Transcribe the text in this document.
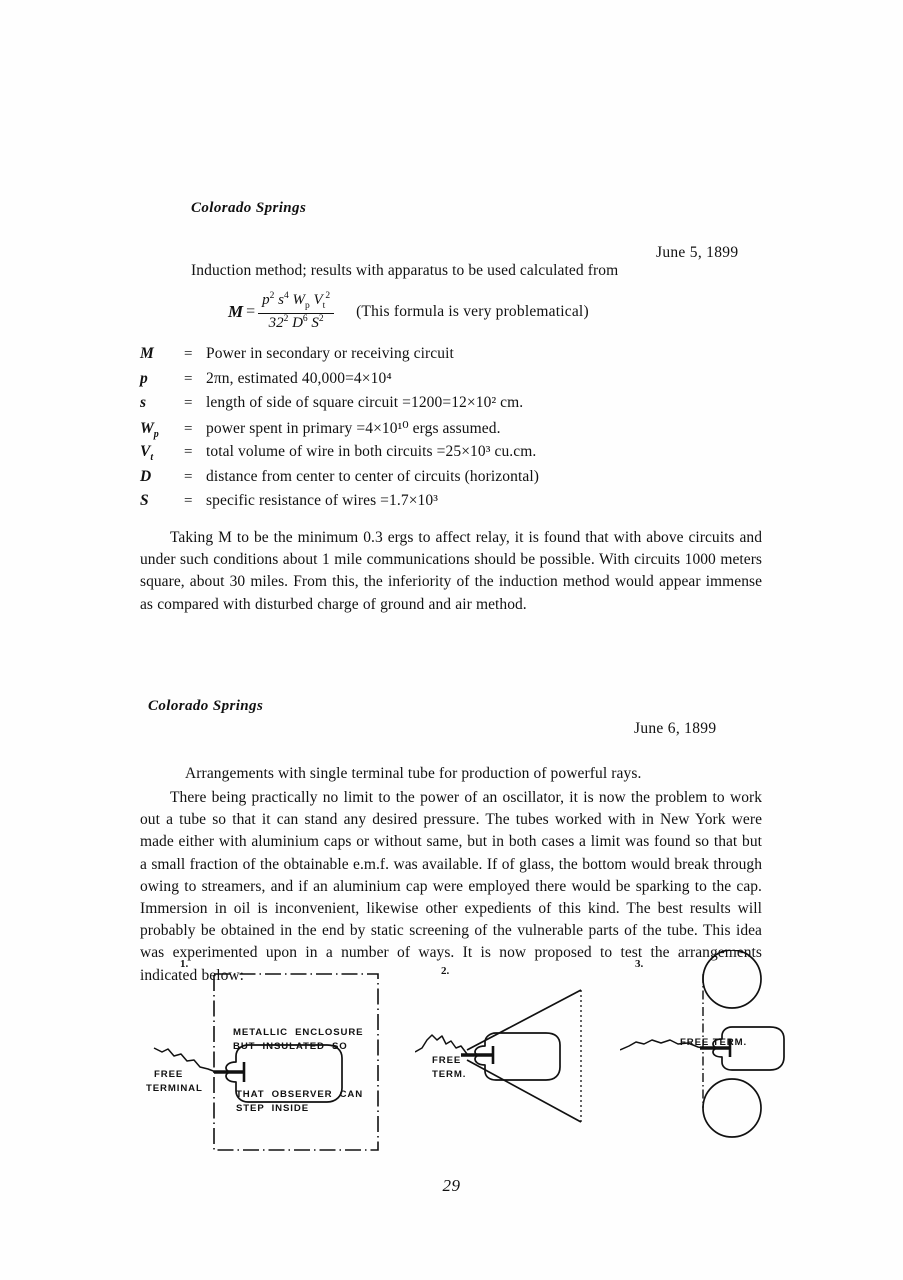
Colorado Springs
June 5, 1899
Induction method; results with apparatus to be used calculated from
$M = \frac{p^2 s^4 W_p V_t^2}{32^2 D^6 S^2}$ (This formula is very problematical)
M	= Power in secondary or receiving circuit
p	= 2πn, estimated 40,000=4×10⁴
s	= length of side of square circuit =1200=12×10² cm.
$W_p$	= power spent in primary =4×10¹⁰ ergs assumed.
$V_t$	= total volume of wire in both circuits =25×10³ cu.cm.
D	= distance from center to center of circuits (horizontal)
S	= specific resistance of wires =1.7×10³
Taking M to be the minimum 0.3 ergs to affect relay, it is found that with above circuits and under such conditions about 1 mile communications should be possible. With circuits 1000 meters square, about 30 miles. From this, the inferiority of the induction method would appear immense as compared with disturbed charge of ground and air method.
Colorado Springs
June 6, 1899
Arrangements with single terminal tube for production of powerful rays.
There being practically no limit to the power of an oscillator, it is now the problem to work out a tube so that it can stand any desired pressure. The tubes worked with in New York were made either with aluminium caps or without same, but in both cases a limit was found so that but a small fraction of the obtainable e.m.f. was available. If of glass, the bottom would break through owing to streamers, and if an aluminium cap were employed there would be sparking to the cap. Immersion in oil is inconvenient, likewise other expedients of this kind. The best results will probably be obtained in the end by static screening of the vulnerable parts of the tube. This idea was experimented upon in a number of ways. It is now proposed to test the arrangements indicated below:
1.
METALLIC  ENCLOSURE
BUT  INSULATED  SO
THAT  OBSERVER  CAN
STEP  INSIDE
FREE
TERMINAL
2.
FREE
TERM.
3.
FREE TERM.
29
